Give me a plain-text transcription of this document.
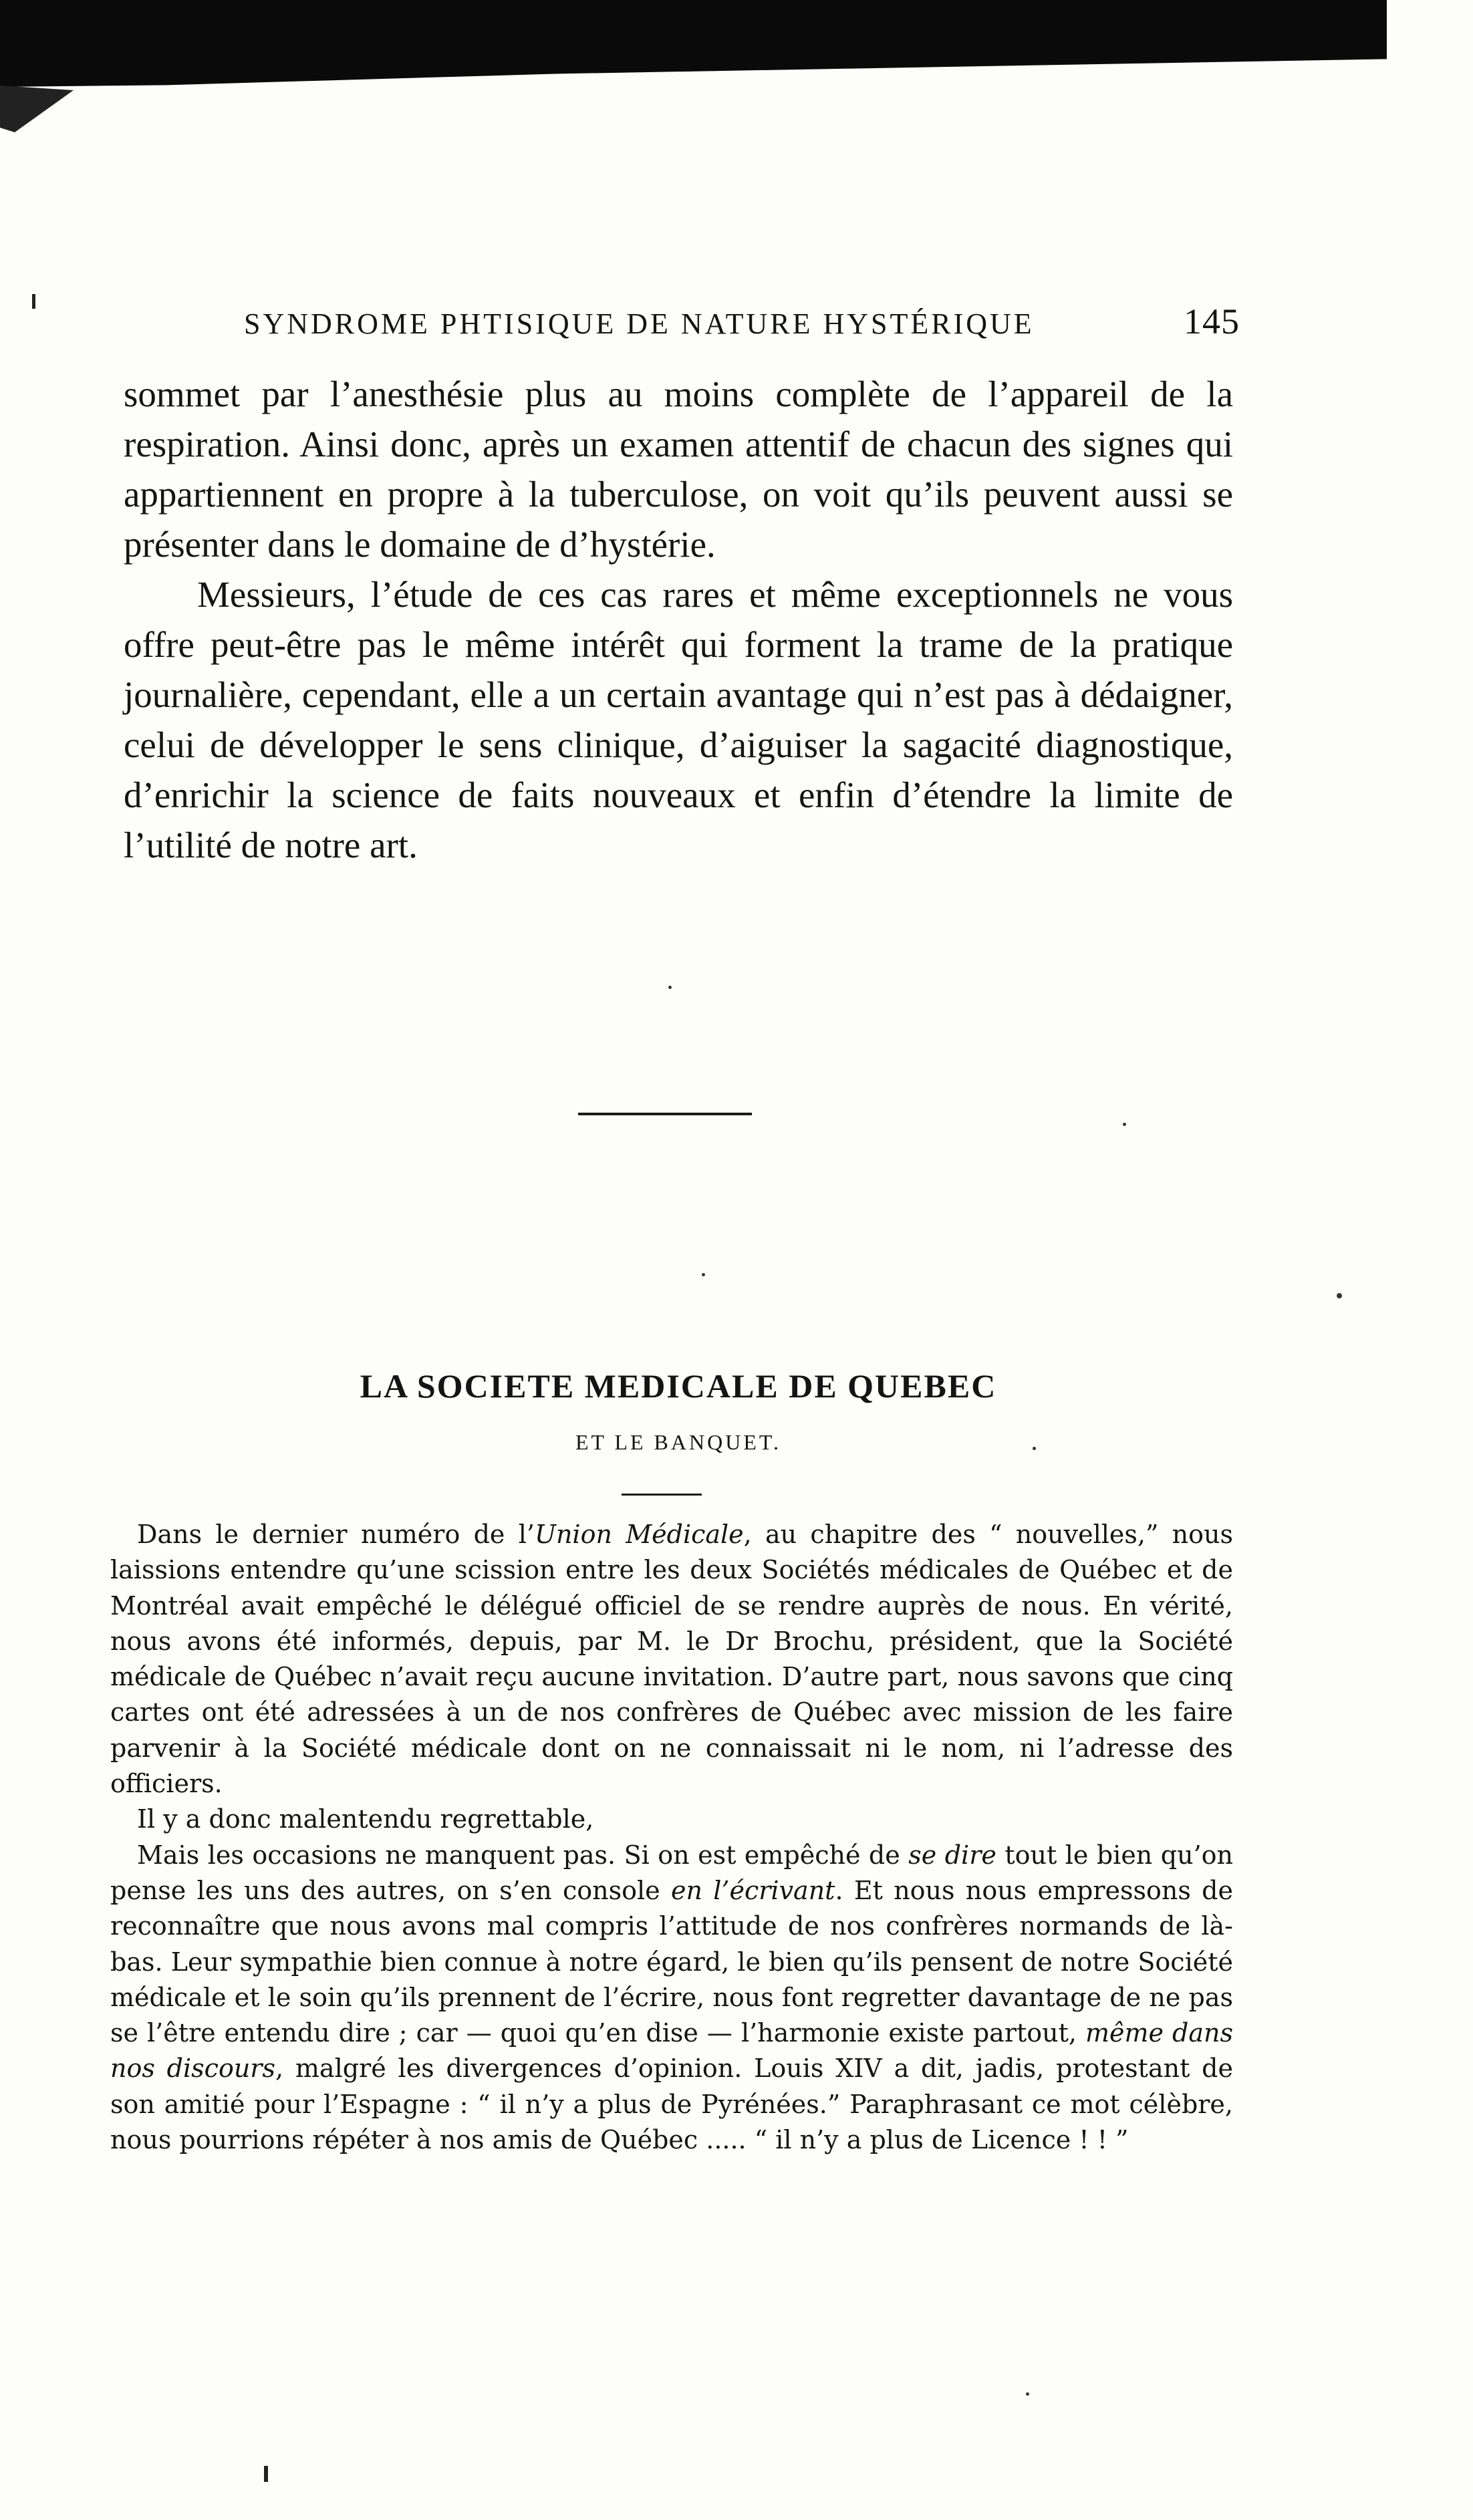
SYNDROME PHTISIQUE DE NATURE HYSTÉRIQUE	145

sommet par l’anesthésie plus au moins complète de l’appareil de la respiration. Ainsi donc, après un examen attentif de chacun des signes qui appartiennent en propre à la tuberculose, on voit qu’ils peuvent aussi se présenter dans le domaine de d’hystérie.

Messieurs, l’étude de ces cas rares et même exceptionnels ne vous offre peut-être pas le même intérêt qui forment la trame de la pratique journalière, cependant, elle a un certain avantage qui n’est pas à dédaigner, celui de développer le sens clinique, d’aiguiser la sagacité diagnostique, d’enrichir la science de faits nouveaux et enfin d’étendre la limite de l’utilité de notre art.

LA SOCIETE MEDICALE DE QUEBEC
ET LE BANQUET.

Dans le dernier numéro de l’Union Médicale, au chapitre des “ nouvelles,” nous laissions entendre qu’une scission entre les deux Sociétés médicales de Québec et de Montréal avait empêché le délégué officiel de se rendre auprès de nous. En vérité, nous avons été informés, depuis, par M. le Dr Brochu, président, que la Société médicale de Québec n’avait reçu aucune invitation. D’autre part, nous savons que cinq cartes ont été adressées à un de nos confrères de Québec avec mission de les faire parvenir à la Société médicale dont on ne connaissait ni le nom, ni l’adresse des officiers.

Il y a donc malentendu regrettable,

Mais les occasions ne manquent pas. Si on est empêché de se dire tout le bien qu’on pense les uns des autres, on s’en console en l’écrivant. Et nous nous empressons de reconnaître que nous avons mal compris l’attitude de nos confrères normands de là-bas. Leur sympathie bien connue à notre égard, le bien qu’ils pensent de notre Société médicale et le soin qu’ils prennent de l’écrire, nous font regretter davantage de ne pas se l’être entendu dire ; car — quoi qu’en dise — l’harmonie existe partout, même dans nos discours, malgré les divergences d’opinion. Louis XIV a dit, jadis, protestant de son amitié pour l’Espagne : “ il n’y a plus de Pyrénées.” Paraphrasant ce mot célèbre, nous pourrions répéter à nos amis de Québec ..... “ il n’y a plus de Licence ! ! ”
